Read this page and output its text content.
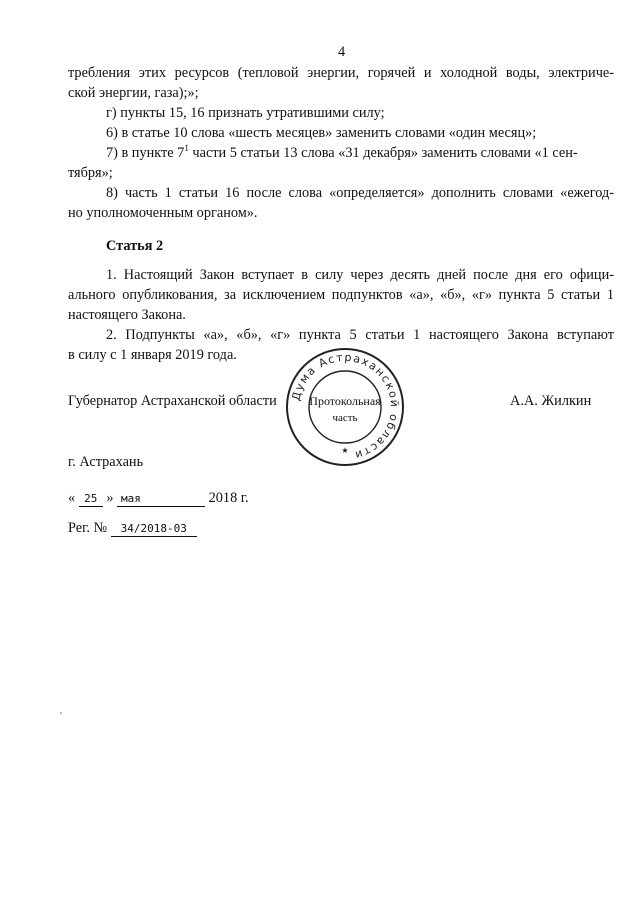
4
требления этих ресурсов (тепловой энергии, горячей и холодной воды, электриче-
ской энергии, газа);»;
г) пункты 15, 16 признать утратившими силу;
6) в статье 10 слова «шесть месяцев» заменить словами «один месяц»;
7) в пункте $7^1$ части 5 статьи 13 слова «31 декабря» заменить словами «1 сен-
тября»;
8) часть 1 статьи 16 после слова «определяется» дополнить словами «ежегод-
но уполномоченным органом».
Статья 2
1. Настоящий Закон вступает в силу через десять дней после дня его офици-
ального опубликования, за исключением подпунктов «а», «б», «г» пункта 5 статьи 1
настоящего Закона.
2. Подпункты «а», «б», «г» пункта 5 статьи 1 настоящего Закона вступают
в силу с 1 января 2019 года.
Губернатор Астраханской области	А.А. Жилкин
Дума Астраханской области
Протокольная
часть
★
г. Астрахань
« 25 » мая	2018 г.
Рег. № 34/2018-03
